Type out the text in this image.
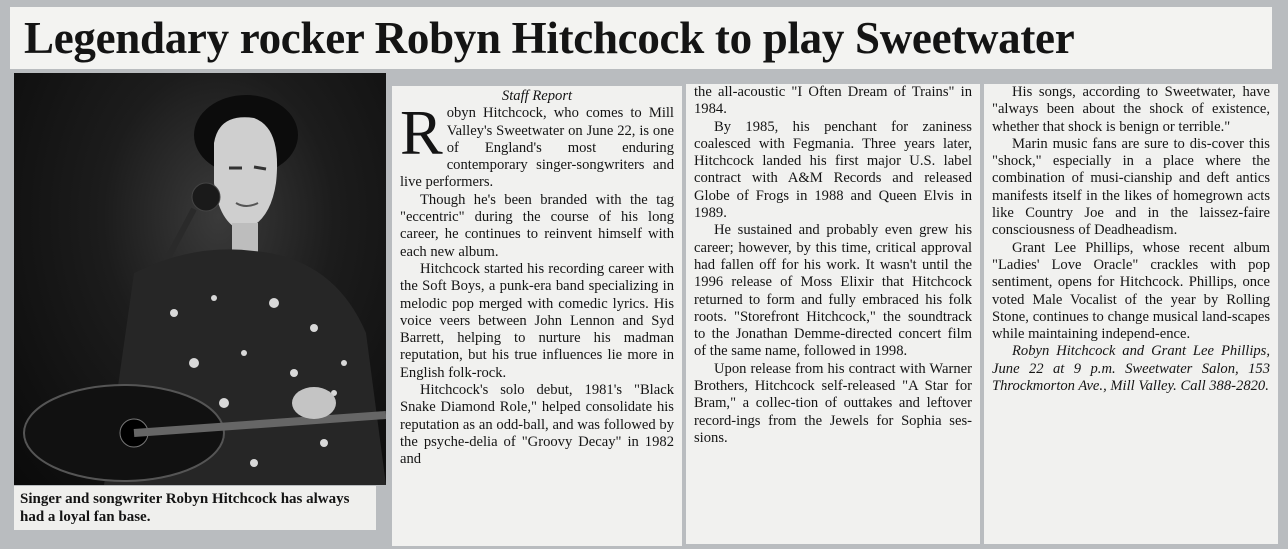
Legendary rocker Robyn Hitchcock to play Sweetwater
Singer and songwriter Robyn Hitchcock has always had a loyal fan base.

Staff Report

Robyn Hitchcock, who comes to Mill Valley's Sweetwater on June 22, is one of England's most enduring contemporary singer-songwriters and live performers.

Though he's been branded with the tag "eccentric" during the course of his long career, he continues to reinvent himself with each new album.

Hitchcock started his recording career with the Soft Boys, a punk-era band specializing in melodic pop merged with comedic lyrics. His voice veers between John Lennon and Syd Barrett, helping to nurture his madman reputation, but his true influences lie more in English folk-rock.

Hitchcock's solo debut, 1981's "Black Snake Diamond Role," helped consolidate his reputation as an odd-ball, and was followed by the psyche-delia of "Groovy Decay" in 1982 and

the all-acoustic "I Often Dream of Trains" in 1984.

By 1985, his penchant for zaniness coalesced with Fegmania. Three years later, Hitchcock landed his first major U.S. label contract with A&M Records and released Globe of Frogs in 1988 and Queen Elvis in 1989.

He sustained and probably even grew his career; however, by this time, critical approval had fallen off for his work. It wasn't until the 1996 release of Moss Elixir that Hitchcock returned to form and fully embraced his folk roots. "Storefront Hitchcock," the soundtrack to the Jonathan Demme-directed concert film of the same name, followed in 1998.

Upon release from his contract with Warner Brothers, Hitchcock self-released "A Star for Bram," a collec-tion of outtakes and leftover record-ings from the Jewels for Sophia ses-sions.

His songs, according to Sweetwater, have "always been about the shock of existence, whether that shock is benign or terrible."

Marin music fans are sure to dis-cover this "shock," especially in a place where the combination of musi-cianship and deft antics manifests itself in the likes of homegrown acts like Country Joe and in the laissez-faire consciousness of Deadheadism.

Grant Lee Phillips, whose recent album "Ladies' Love Oracle" crackles with pop sentiment, opens for Hitchcock. Phillips, once voted Male Vocalist of the year by Rolling Stone, continues to change musical land-scapes while maintaining independ-ence.

Robyn Hitchcock and Grant Lee Phillips, June 22 at 9 p.m. Sweetwater Salon, 153 Throckmorton Ave., Mill Valley. Call 388-2820.
